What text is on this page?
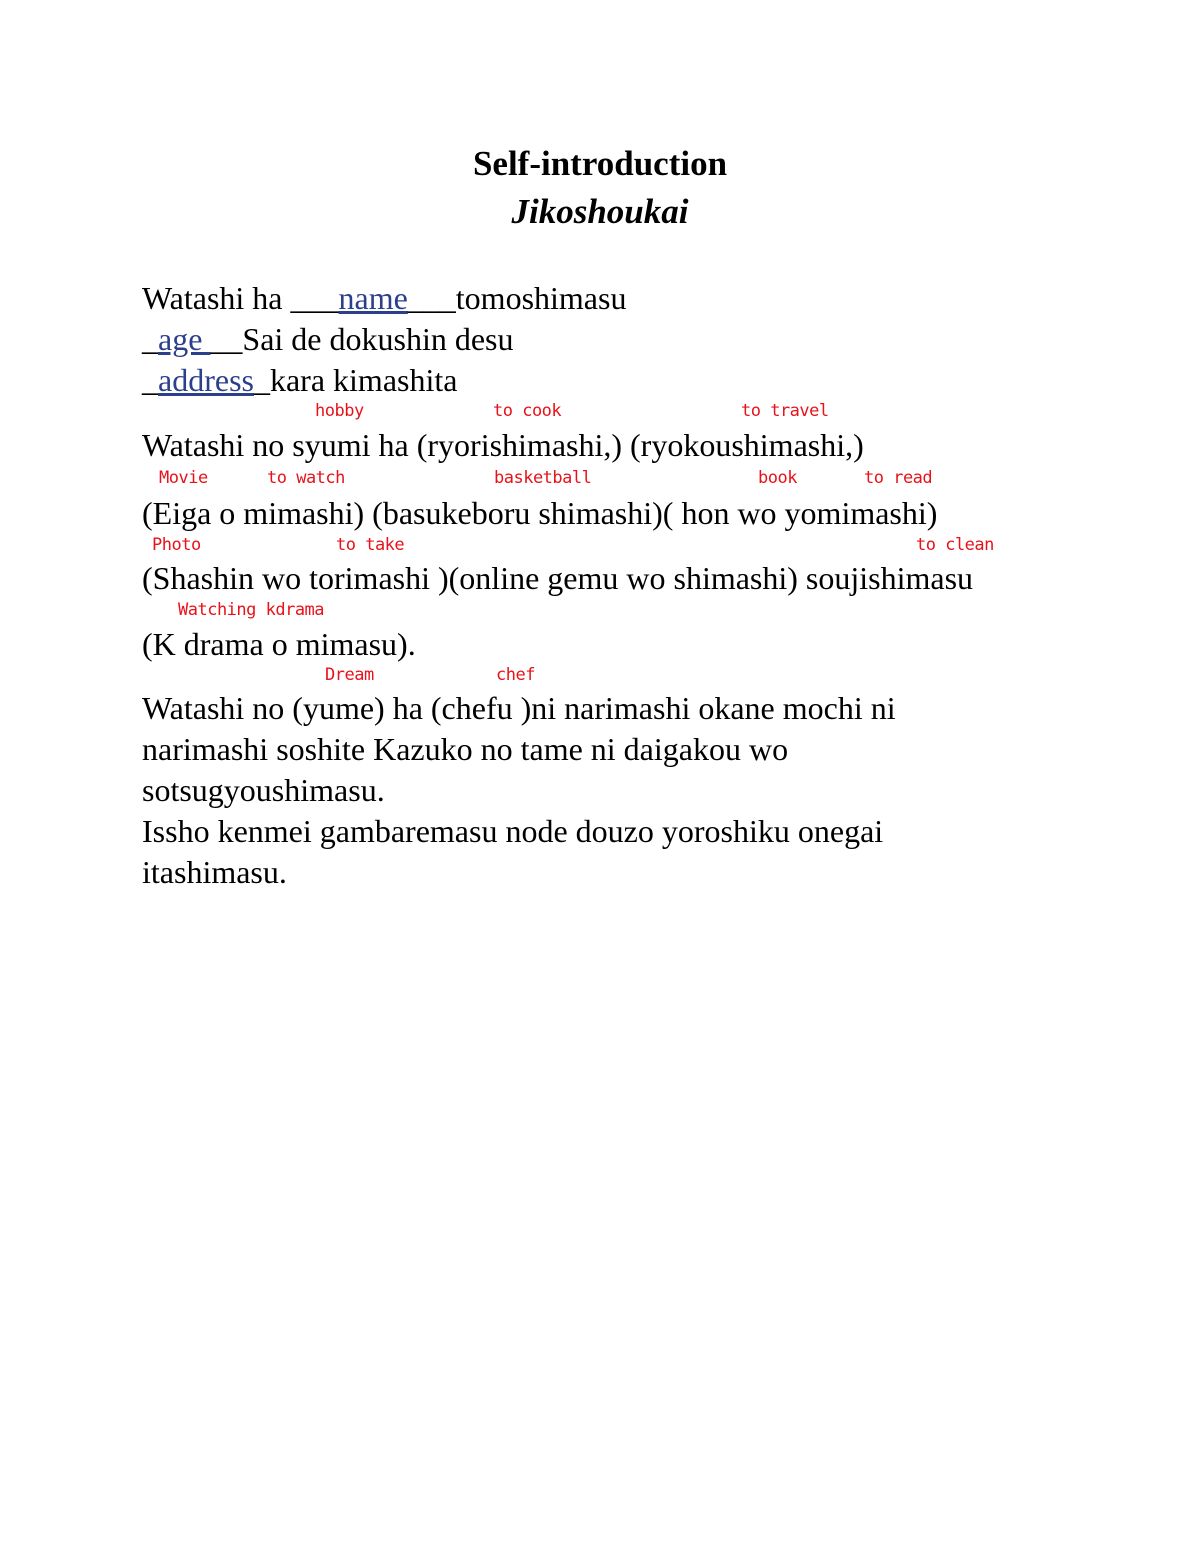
Self-introduction
Jikoshoukai
Watashi ha ___name___tomoshimasu
_age __Sai de dokushin desu
_address_kara kimashita
hobby	to cook	to travel
Watashi no syumi ha (ryorishimashi,) (ryokoushimashi,)
Movie	to watch	basketball	book	to read
(Eiga o mimashi) (basukeboru shimashi)( hon wo yomimashi)
Photo	to take	to clean
(Shashin wo torimashi )(online gemu wo shimashi) soujishimasu
Watching kdrama
(K drama o mimasu).
Dream	chef
Watashi no (yume) ha (chefu )ni narimashi okane mochi ni
narimashi soshite Kazuko no tame ni daigakou wo
sotsugyoushimasu.
Issho kenmei gambaremasu node douzo yoroshiku onegai
itashimasu.
